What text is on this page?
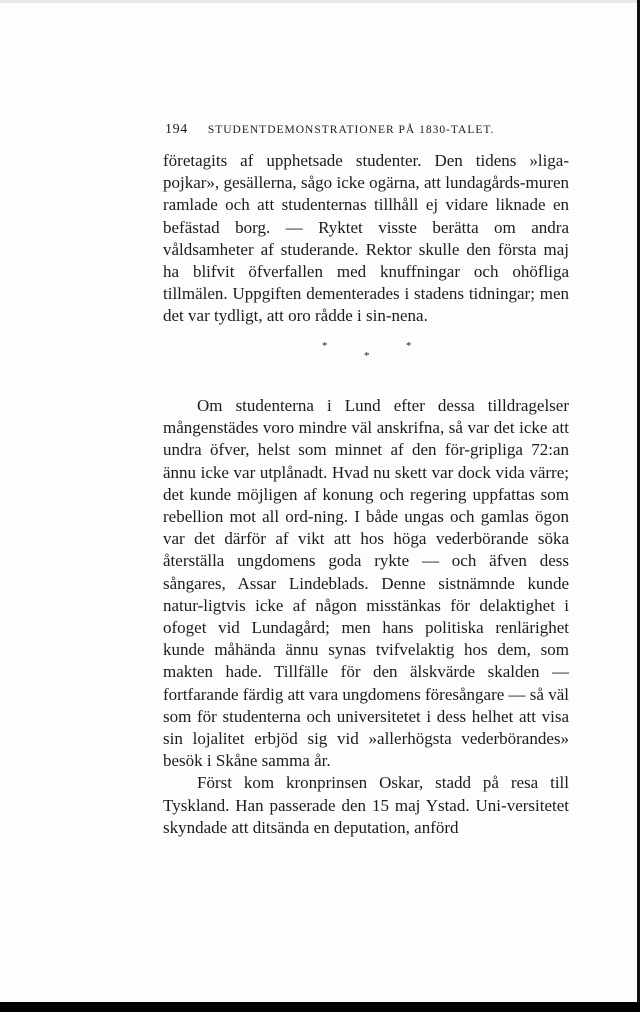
194 STUDENTDEMONSTRATIONER PÅ 1830-TALET.

företagits af upphetsade studenter. Den tidens »liga-pojkar», gesällerna, sågo icke ogärna, att lundagårds-muren ramlade och att studenternas tillhåll ej vidare liknade en befästad borg. — Ryktet visste berätta om andra våldsamheter af studerande. Rektor skulle den första maj ha blifvit öfverfallen med knuffningar och ohöfliga tillmälen. Uppgiften dementerades i stadens tidningar; men det var tydligt, att oro rådde i sin-nena.

*	*
*

Om studenterna i Lund efter dessa tilldragelser mångenstädes voro mindre väl anskrifna, så var det icke att undra öfver, helst som minnet af den för-gripliga 72:an ännu icke var utplånadt. Hvad nu skett var dock vida värre; det kunde möjligen af konung och regering uppfattas som rebellion mot all ord-ning. I både ungas och gamlas ögon var det därför af vikt att hos höga vederbörande söka återställa ungdomens goda rykte — och äfven dess sångares, Assar Lindeblads. Denne sistnämnde kunde natur-ligtvis icke af någon misstänkas för delaktighet i ofoget vid Lundagård; men hans politiska renlärighet kunde måhända ännu synas tvifvelaktig hos dem, som makten hade. Tillfälle för den älskvärde skalden — fortfarande färdig att vara ungdomens föresångare — så väl som för studenterna och universitetet i dess helhet att visa sin lojalitet erbjöd sig vid »allerhögsta vederbörandes» besök i Skåne samma år.

Först kom kronprinsen Oskar, stadd på resa till Tyskland. Han passerade den 15 maj Ystad. Uni-versitetet skyndade att ditsända en deputation, anförd
